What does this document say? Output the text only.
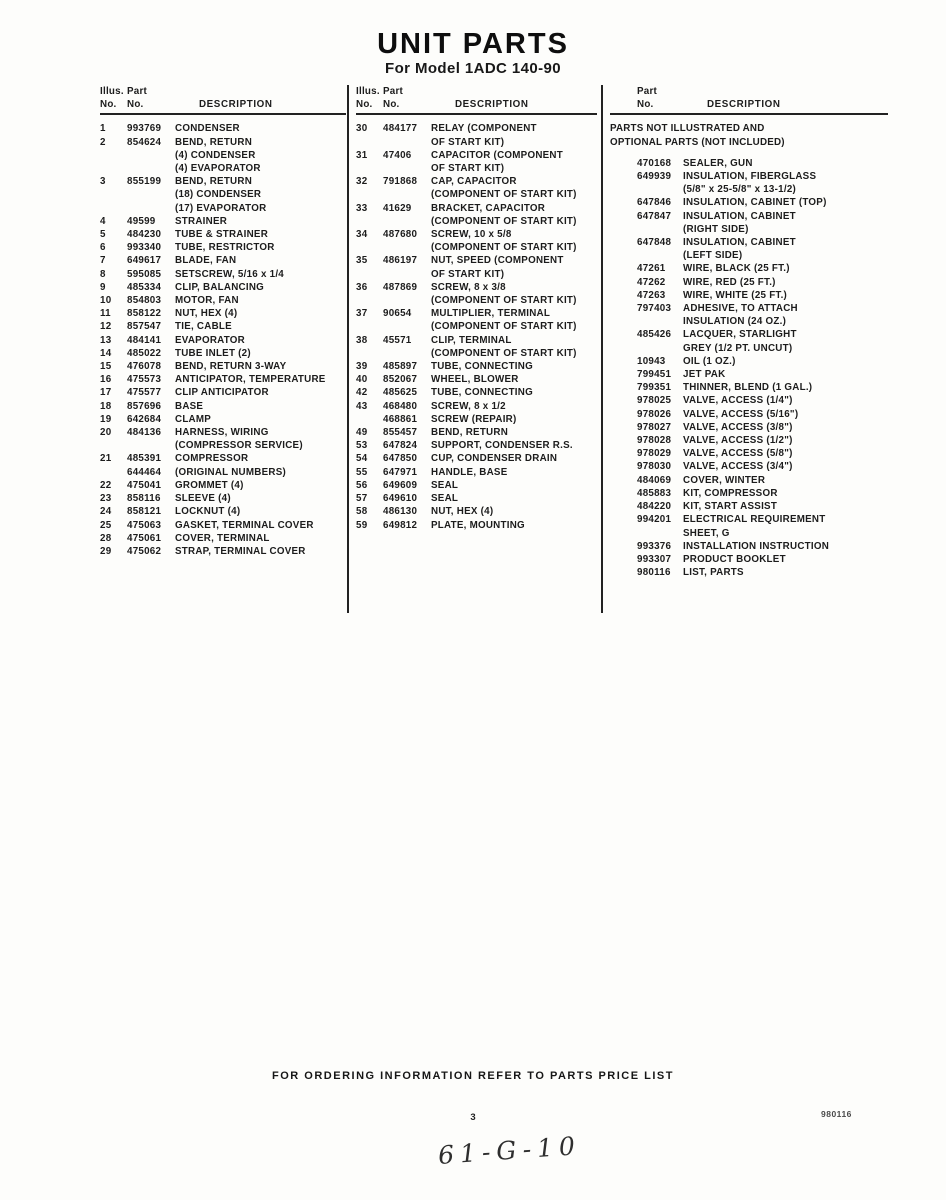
UNIT PARTS
For Model 1ADC 140-90
Illus. Part
No.	No.	DESCRIPTION
1	993769	CONDENSER
2	854624	BEND, RETURN
(4) CONDENSER
(4) EVAPORATOR
3	855199	BEND, RETURN
(18) CONDENSER
(17) EVAPORATOR
4	49599	STRAINER
5	484230	TUBE & STRAINER
6	993340	TUBE, RESTRICTOR
7	649617	BLADE, FAN
8	595085	SETSCREW, 5/16 x 1/4
9	485334	CLIP, BALANCING
10	854803	MOTOR, FAN
11	858122	NUT, HEX (4)
12	857547	TIE, CABLE
13	484141	EVAPORATOR
14	485022	TUBE INLET (2)
15	476078	BEND, RETURN 3-WAY
16	475573	ANTICIPATOR, TEMPERATURE
17	475577	CLIP ANTICIPATOR
18	857696	BASE
19	642684	CLAMP
20	484136	HARNESS, WIRING
(COMPRESSOR SERVICE)
21	485391	COMPRESSOR
644464	(ORIGINAL NUMBERS)
22	475041	GROMMET (4)
23	858116	SLEEVE (4)
24	858121	LOCKNUT (4)
25	475063	GASKET, TERMINAL COVER
28	475061	COVER, TERMINAL
29	475062	STRAP, TERMINAL COVER
Illus. Part
No.	No.	DESCRIPTION
30	484177	RELAY (COMPONENT
OF START KIT)
31	47406	CAPACITOR (COMPONENT
OF START KIT)
32	791868	CAP, CAPACITOR
(COMPONENT OF START KIT)
33	41629	BRACKET, CAPACITOR
(COMPONENT OF START KIT)
34	487680	SCREW, 10 x 5/8
(COMPONENT OF START KIT)
35	486197	NUT, SPEED (COMPONENT
OF START KIT)
36	487869	SCREW, 8 x 3/8
(COMPONENT OF START KIT)
37	90654	MULTIPLIER, TERMINAL
(COMPONENT OF START KIT)
38	45571	CLIP, TERMINAL
(COMPONENT OF START KIT)
39	485897	TUBE, CONNECTING
40	852067	WHEEL, BLOWER
42	485625	TUBE, CONNECTING
43	468480	SCREW, 8 x 1/2
468861	SCREW (REPAIR)
49	855457	BEND, RETURN
53	647824	SUPPORT, CONDENSER R.S.
54	647850	CUP, CONDENSER DRAIN
55	647971	HANDLE, BASE
56	649609	SEAL
57	649610	SEAL
58	486130	NUT, HEX (4)
59	649812	PLATE, MOUNTING
Part
No.	DESCRIPTION
PARTS NOT ILLUSTRATED AND
OPTIONAL PARTS (NOT INCLUDED)
470168	SEALER, GUN
649939	INSULATION, FIBERGLASS
(5/8" x 25-5/8" x 13-1/2)
647846	INSULATION, CABINET (TOP)
647847	INSULATION, CABINET
(RIGHT SIDE)
647848	INSULATION, CABINET
(LEFT SIDE)
47261	WIRE, BLACK (25 FT.)
47262	WIRE, RED (25 FT.)
47263	WIRE, WHITE (25 FT.)
797403	ADHESIVE, TO ATTACH
INSULATION (24 OZ.)
485426	LACQUER, STARLIGHT
GREY (1/2 PT. UNCUT)
10943	OIL (1 OZ.)
799451	JET PAK
799351	THINNER, BLEND (1 GAL.)
978025	VALVE, ACCESS (1/4")
978026	VALVE, ACCESS (5/16")
978027	VALVE, ACCESS (3/8")
978028	VALVE, ACCESS (1/2")
978029	VALVE, ACCESS (5/8")
978030	VALVE, ACCESS (3/4")
484069	COVER, WINTER
485883	KIT, COMPRESSOR
484220	KIT, START ASSIST
994201	ELECTRICAL REQUIREMENT
SHEET, G
993376	INSTALLATION INSTRUCTION
993307	PRODUCT BOOKLET
980116	LIST, PARTS
FOR ORDERING INFORMATION REFER TO PARTS PRICE LIST
3	980116
61-G-10
